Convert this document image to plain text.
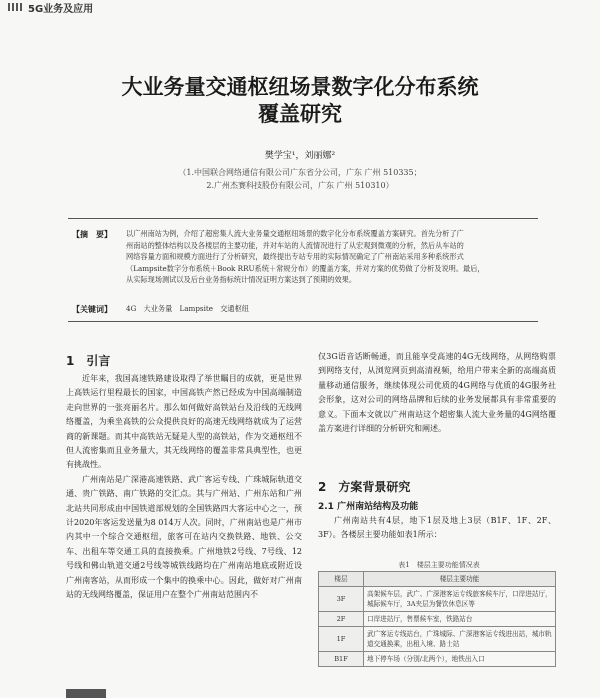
5G业务及应用
大业务量交通枢纽场景数字化分布系统
覆盖研究
樊学宝¹，刘丽娜²
（1.中国联合网络通信有限公司广东省分公司，广东 广州 510335；
2.广州杰赛科技股份有限公司，广东 广州 510310）
【摘　要】 以广州南站为例，介绍了超密集人流大业务量交通枢纽场景的数字化分布系统覆盖方案研究。首先分析了广
州南站的整体结构以及各楼层的主要功能，并对车站的人流情况进行了从宏观到微观的分析，然后从车站的
网络容量方面和规模方面进行了分析研究，最终提出专站专用的实际情况确定了广州南站采用多种系统形式
（Lampsite数字分布系统＋Book RRU系统＋常规分布）的覆盖方案，并对方案的优势做了分析及说明。最后，
从实际现场测试以及后台业务指标统计情况证明方案达到了预期的效果。
【关键词】 4G　大业务量　Lampsite　交通枢纽
1　引言

近年来，我国高速铁路建设取得了举世瞩目的成就，更是世界上高铁运行里程最长的国家，中国高铁产然已经成为中国高端制造走向世界的一张亮丽名片。那么如何做好高铁站台及沿线的无线网络覆盖，为乘坐高铁的公众提供良好的高速无线网络就成为了运营商的新课题。而其中高铁站无疑是人型的高铁站，作为交通枢纽不但人流密集而且业务量大，其无线网络的覆盖非常具典型性，也更有挑战性。

广州南站是广深港高速铁路、武广客运专线、广珠城际轨道交通、贵广铁路、南广铁路的交汇点。其与广州站、广州东站和广州北站共同形成由中国铁道部规划的全国铁路四大客运中心之一，预计2020年客运发送量为8 014万人次。同时，广州南站也是广州市内其中一个综合交通枢纽，旅客可在站内交换铁路、地铁、公交车、出租车等交通工具的直接换乘。广州地铁2号线、7号线、12号线和佛山轨道交通2号线等城铁线路均在广州南站地底或附近设广州南客站，从而形成一个集中的换乘中心。因此，做好对广州南站的无线网络覆盖，保证用户在整个广州南站范围内不

仅3G语音话断畅通，而且能享受高速的4G无线网络，从网络购票到网络支付，从浏览网页到高清视频，给用户带来全新的高端高质量移动通信服务，继续体现公司优质的4G网络与优质的4G服务社会形象，这对公司的网络品牌和后续的业务发展都具有非常重要的意义。下面本文就以广州南站这个超密集人流大业务量的4G网络覆盖方案进行详细的分析研究和阐述。
2　方案背景研究
2.1 广州南站结构及功能

广州南站共有4层，地下1层及地上3层（B1F、1F、2F、3F）。各楼层主要功能如表1所示：

表1　楼层主要功能情况表
楼层	楼层主要功能
3F	高架候车层，武广、广深港客运专线旅客候车厅，口岸进站厅，城际候车厅，3A夹层为餐饮休息区等
2F	口岸进站厅，售票候车室，铁路站台
1F	武广客运专线站台，广珠城际、广深港客运专线进出站，城市轨道交通换乘，出租入境、路士站
B1F	地下停车场（分别/北两个），地铁出入口
